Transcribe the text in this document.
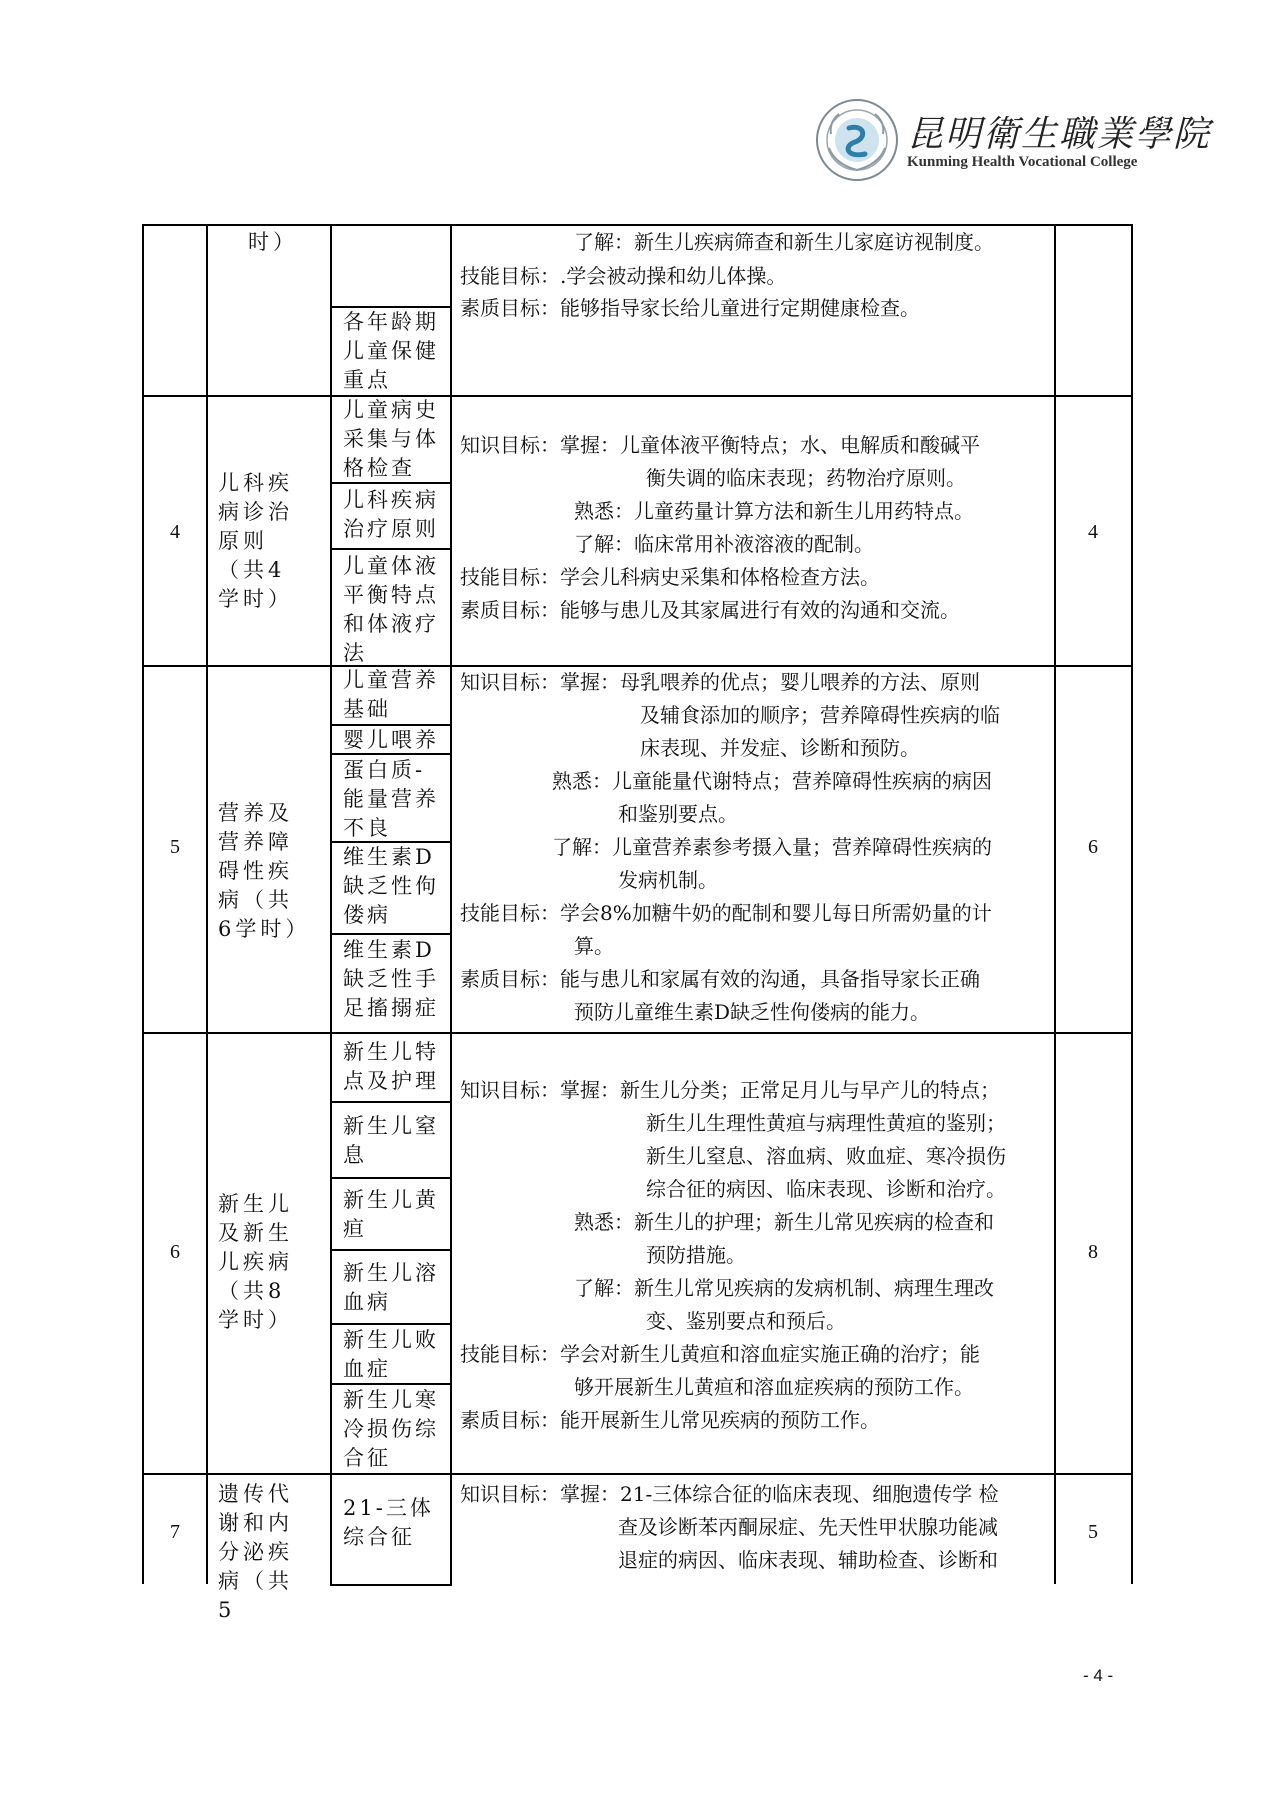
昆明衛生職業學院
Kunming Health Vocational College
时）
各年龄期儿童保健重点
了解：新生儿疾病筛查和新生儿家庭访视制度。
技能目标：.学会被动操和幼儿体操。
素质目标：能够指导家长给儿童进行定期健康检查。
4
儿科疾病诊治原则（共4学时）
儿童病史采集与体格检查
儿科疾病治疗原则
儿童体液平衡特点和体液疗法
知识目标：掌握：儿童体液平衡特点；水、电解质和酸碱平
衡失调的临床表现；药物治疗原则。
熟悉：儿童药量计算方法和新生儿用药特点。
了解：临床常用补液溶液的配制。
技能目标：学会儿科病史采集和体格检查方法。
素质目标：能够与患儿及其家属进行有效的沟通和交流。
4
5
营养及营养障碍性疾病（共6学时）
儿童营养基础
婴儿喂养
蛋白质-能量营养不良
维生素D缺乏性佝偻病
维生素D缺乏性手足搐搦症
知识目标：掌握：母乳喂养的优点；婴儿喂养的方法、原则
及辅食添加的顺序；营养障碍性疾病的临
床表现、并发症、诊断和预防。
熟悉：儿童能量代谢特点；营养障碍性疾病的病因
和鉴别要点。
了解：儿童营养素参考摄入量；营养障碍性疾病的
发病机制。
技能目标：学会8%加糖牛奶的配制和婴儿每日所需奶量的计
算。
素质目标：能与患儿和家属有效的沟通，具备指导家长正确
预防儿童维生素D缺乏性佝偻病的能力。
6
6
新生儿及新生儿疾病（共8学时）
新生儿特点及护理
新生儿窒息
新生儿黄疸
新生儿溶血病
新生儿败血症
新生儿寒冷损伤综合征
知识目标：掌握：新生儿分类；正常足月儿与早产儿的特点；
新生儿生理性黄疸与病理性黄疸的鉴别；
新生儿窒息、溶血病、败血症、寒冷损伤
综合征的病因、临床表现、诊断和治疗。
熟悉：新生儿的护理；新生儿常见疾病的检查和
预防措施。
了解：新生儿常见疾病的发病机制、病理生理改
变、鉴别要点和预后。
技能目标：学会对新生儿黄疸和溶血症实施正确的治疗；能
够开展新生儿黄疸和溶血症疾病的预防工作。
素质目标：能开展新生儿常见疾病的预防工作。
8
7
遗传代谢和内分泌疾病（共5
21-三体综合征
知识目标：掌握：21-三体综合征的临床表现、细胞遗传学 检
查及诊断苯丙酮尿症、先天性甲状腺功能减
退症的病因、临床表现、辅助检查、诊断和
5
- 4 -
